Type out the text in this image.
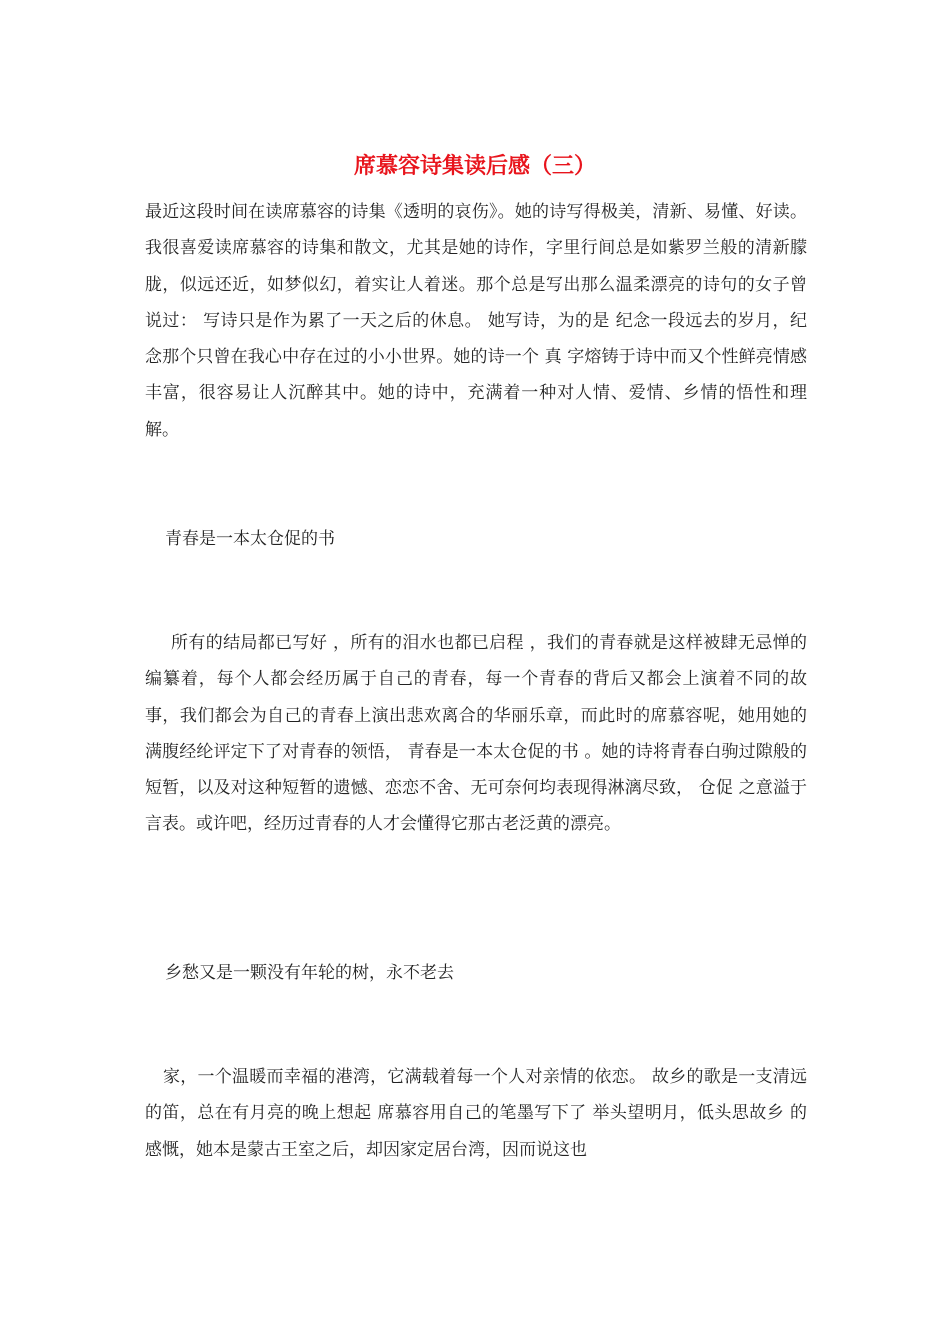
席慕容诗集读后感（三）

最近这段时间在读席慕容的诗集《透明的哀伤》。她的诗写得极美，清新、易懂、好读。我很喜爱读席慕容的诗集和散文，尤其是她的诗作，字里行间总是如紫罗兰般的清新朦胧，似远还近，如梦似幻，着实让人着迷。那个总是写出那么温柔漂亮的诗句的女子曾说过： 写诗只是作为累了一天之后的休息。 她写诗，为的是 纪念一段远去的岁月，纪念那个只曾在我心中存在过的小小世界。她的诗一个 真 字熔铸于诗中而又个性鲜亮情感丰富，很容易让人沉醉其中。她的诗中，充满着一种对人情、爱情、乡情的悟性和理解。

青春是一本太仓促的书

所有的结局都已写好 ，所有的泪水也都已启程 ，我们的青春就是这样被肆无忌惮的编纂着，每个人都会经历属于自己的青春，每一个青春的背后又都会上演着不同的故事，我们都会为自己的青春上演出悲欢离合的华丽乐章，而此时的席慕容呢，她用她的满腹经纶评定下了对青春的领悟， 青春是一本太仓促的书 。她的诗将青春白驹过隙般的短暂，以及对这种短暂的遗憾、恋恋不舍、无可奈何均表现得淋漓尽致， 仓促 之意溢于言表。或许吧，经历过青春的人才会懂得它那古老泛黄的漂亮。

乡愁又是一颗没有年轮的树，永不老去

家，一个温暖而幸福的港湾，它满载着每一个人对亲情的依恋。 故乡的歌是一支清远的笛，总在有月亮的晚上想起 席慕容用自己的笔墨写下了 举头望明月，低头思故乡 的感慨，她本是蒙古王室之后，却因家定居台湾，因而说这也
